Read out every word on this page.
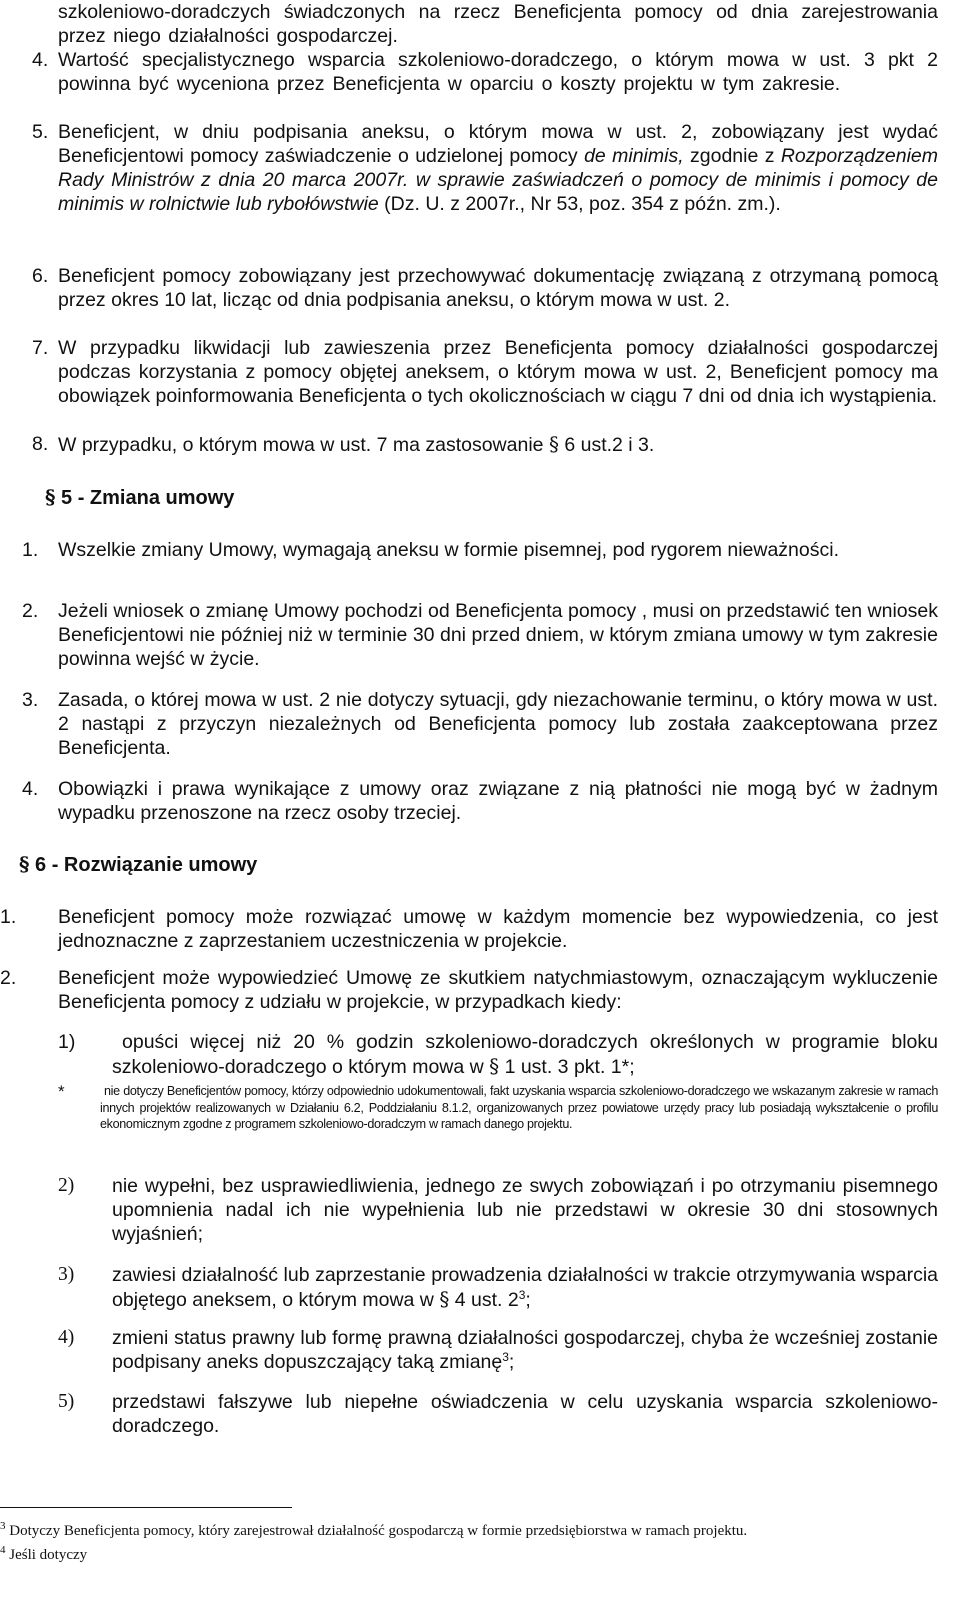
szkoleniowo-doradczych świadczonych na rzecz Beneficjenta pomocy od dnia zarejestrowania przez niego działalności gospodarczej.
4. Wartość specjalistycznego wsparcia szkoleniowo-doradczego, o którym mowa w ust. 3 pkt 2 powinna być wyceniona przez Beneficjenta w oparciu o koszty projektu w tym zakresie.
5. Beneficjent, w dniu podpisania aneksu, o którym mowa w ust. 2, zobowiązany jest wydać Beneficjentowi pomocy zaświadczenie o udzielonej pomocy de minimis, zgodnie z Rozporządzeniem Rady Ministrów z dnia 20 marca 2007r. w sprawie zaświadczeń o pomocy de minimis i pomocy de minimis w rolnictwie lub rybołówstwie (Dz. U. z 2007r., Nr 53, poz. 354 z późn. zm.).
6. Beneficjent pomocy zobowiązany jest przechowywać dokumentację związaną z otrzymaną pomocą przez okres 10 lat, licząc od dnia podpisania aneksu, o którym mowa w ust. 2.
7. W przypadku likwidacji lub zawieszenia przez Beneficjenta pomocy działalności gospodarczej podczas korzystania z pomocy objętej aneksem, o którym mowa w ust. 2, Beneficjent pomocy ma obowiązek poinformowania Beneficjenta o tych okolicznościach w ciągu 7 dni od dnia ich wystąpienia.
8. W przypadku, o którym mowa w ust. 7 ma zastosowanie § 6 ust.2 i 3.
§ 5 - Zmiana umowy
1. Wszelkie zmiany Umowy, wymagają aneksu w formie pisemnej, pod rygorem nieważności.
2. Jeżeli wniosek o zmianę Umowy pochodzi od Beneficjenta pomocy , musi on przedstawić ten wniosek Beneficjentowi nie później niż w terminie 30 dni przed dniem, w którym zmiana umowy w tym zakresie powinna wejść w życie.
3. Zasada, o której mowa w ust. 2 nie dotyczy sytuacji, gdy niezachowanie terminu, o który mowa w ust. 2 nastąpi z przyczyn niezależnych od Beneficjenta pomocy lub została zaakceptowana przez Beneficjenta.
4. Obowiązki i prawa wynikające z umowy oraz związane z nią płatności nie mogą być w żadnym wypadku przenoszone na rzecz osoby trzeciej.
§ 6 - Rozwiązanie umowy
1. Beneficjent pomocy może rozwiązać umowę w każdym momencie bez wypowiedzenia, co jest jednoznaczne z zaprzestaniem uczestniczenia w projekcie.
2. Beneficjent może wypowiedzieć Umowę ze skutkiem natychmiastowym, oznaczającym wykluczenie Beneficjenta pomocy z udziału w projekcie, w przypadkach kiedy:
1)	opuści więcej niż 20 % godzin szkoleniowo-doradczych określonych w programie bloku szkoleniowo-doradczego o którym mowa w § 1 ust. 3 pkt. 1*;
*	nie dotyczy Beneficjentów pomocy, którzy odpowiednio udokumentowali, fakt uzyskania wsparcia szkoleniowo-doradczego we wskazanym zakresie w ramach innych projektów realizowanych w Działaniu 6.2, Poddziałaniu 8.1.2, organizowanych przez powiatowe urzędy pracy lub posiadają wykształcenie o profilu ekonomicznym zgodne z programem szkoleniowo-doradczym w ramach danego projektu.
2) nie wypełni, bez usprawiedliwienia, jednego ze swych zobowiązań i po otrzymaniu pisemnego upomnienia nadal ich nie wypełnienia lub nie przedstawi w okresie 30 dni stosownych wyjaśnień;
3) zawiesi działalność lub zaprzestanie prowadzenia działalności w trakcie otrzymywania wsparcia objętego aneksem, o którym mowa w § 4 ust. $2^3$;
4) zmieni status prawny lub formę prawną działalności gospodarczej, chyba że wcześniej zostanie podpisany aneks dopuszczający taką zmianę$^3$;
5) przedstawi fałszywe lub niepełne oświadczenia w celu uzyskania wsparcia szkoleniowo-doradczego.
$^3$ Dotyczy Beneficjenta pomocy, który zarejestrował działalność gospodarczą w formie przedsiębiorstwa w ramach projektu.
$^4$ Jeśli dotyczy
